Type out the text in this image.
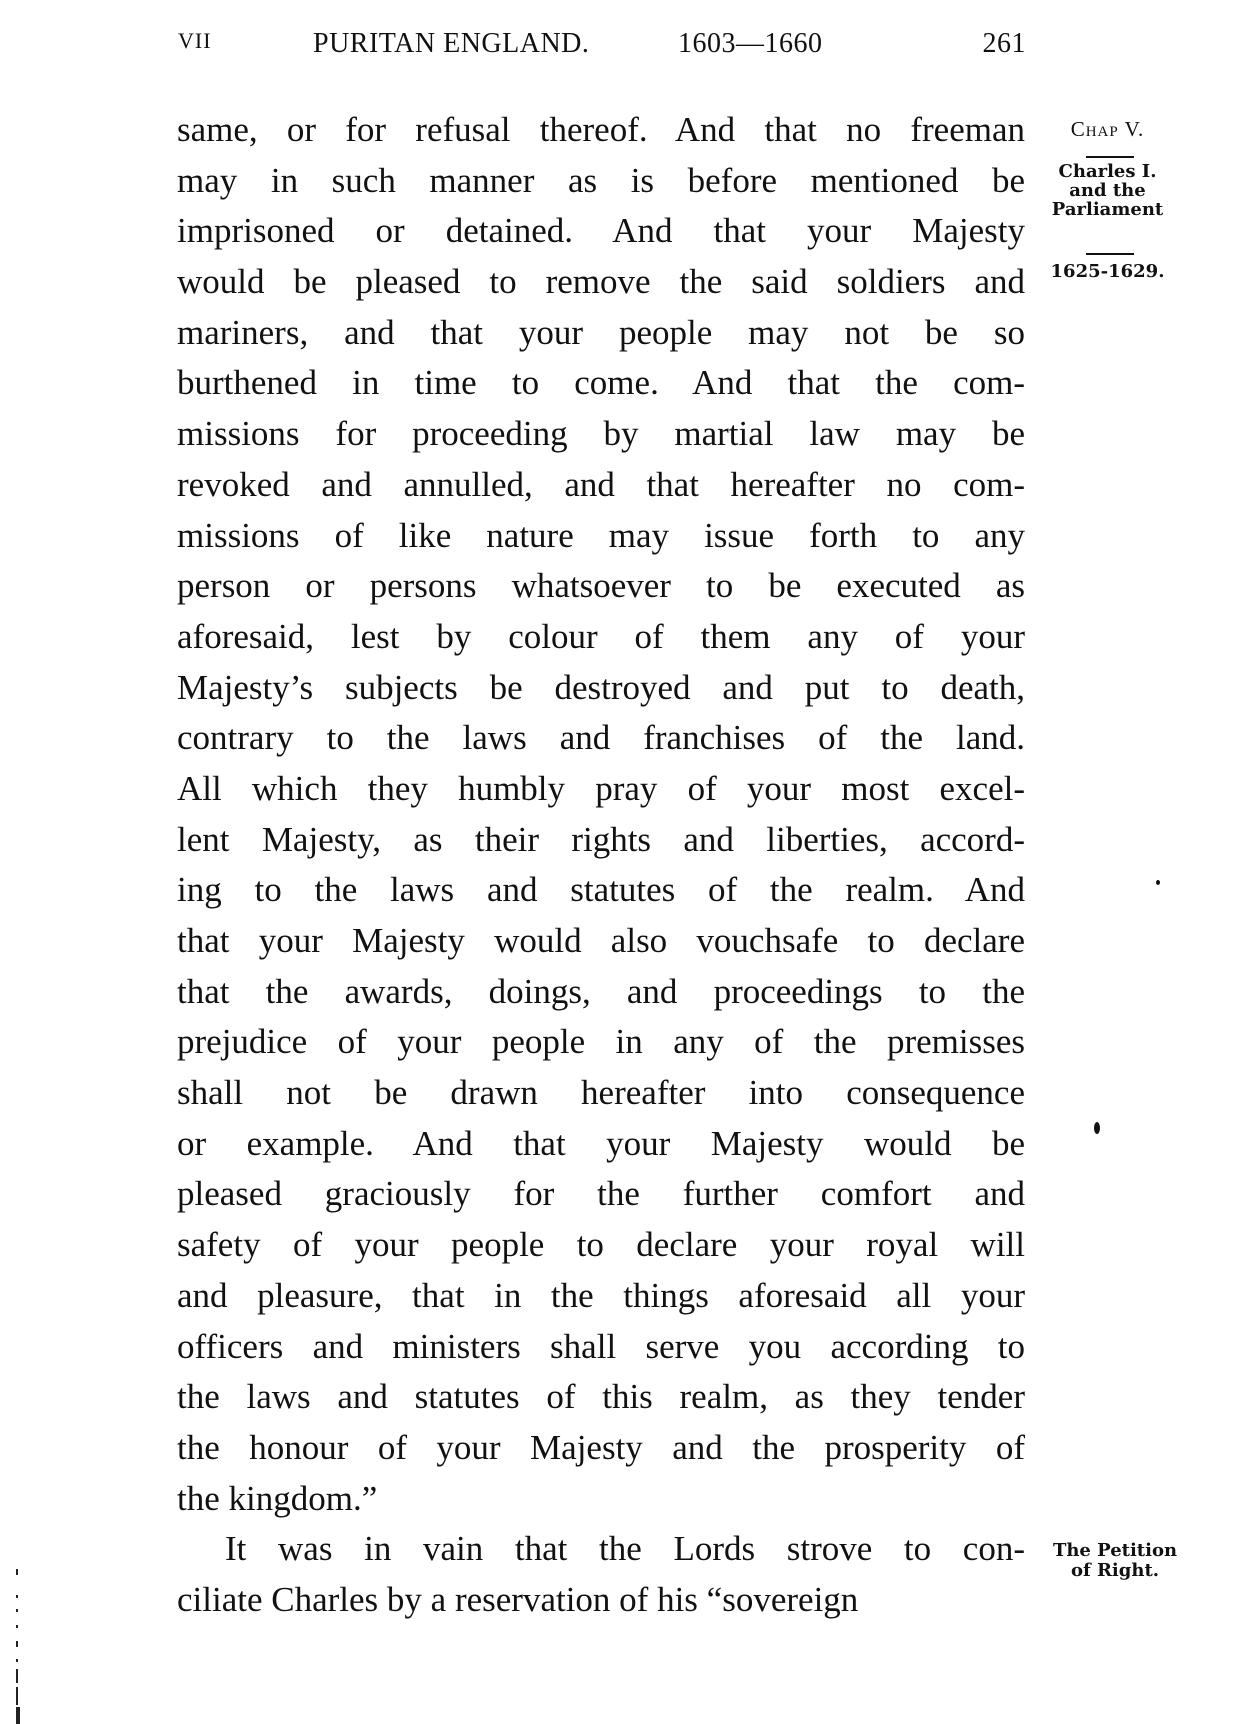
VII	PURITAN ENGLAND.	1603—1660	261
same, or for refusal thereof. And that no freeman
may in such manner as is before mentioned be
imprisoned or detained. And that your Majesty
would be pleased to remove the said soldiers and
mariners, and that your people may not be so
burthened in time to come. And that the com-
missions for proceeding by martial law may be
revoked and annulled, and that hereafter no com-
missions of like nature may issue forth to any
person or persons whatsoever to be executed as
aforesaid, lest by colour of them any of your
Majesty’s subjects be destroyed and put to death,
contrary to the laws and franchises of the land.
All which they humbly pray of your most excel-
lent Majesty, as their rights and liberties, accord-
ing to the laws and statutes of the realm. And
that your Majesty would also vouchsafe to declare
that the awards, doings, and proceedings to the
prejudice of your people in any of the premisses
shall not be drawn hereafter into consequence
or example. And that your Majesty would be
pleased graciously for the further comfort and
safety of your people to declare your royal will
and pleasure, that in the things aforesaid all your
officers and ministers shall serve you according to
the laws and statutes of this realm, as they tender
the honour of your Majesty and the prosperity of
the kingdom.”
It was in vain that the Lords strove to con-
ciliate Charles by a reservation of his “sovereign
Chap V.
Charles I.
and the
Parliament
1625-1629.
The Petition
of Right.
